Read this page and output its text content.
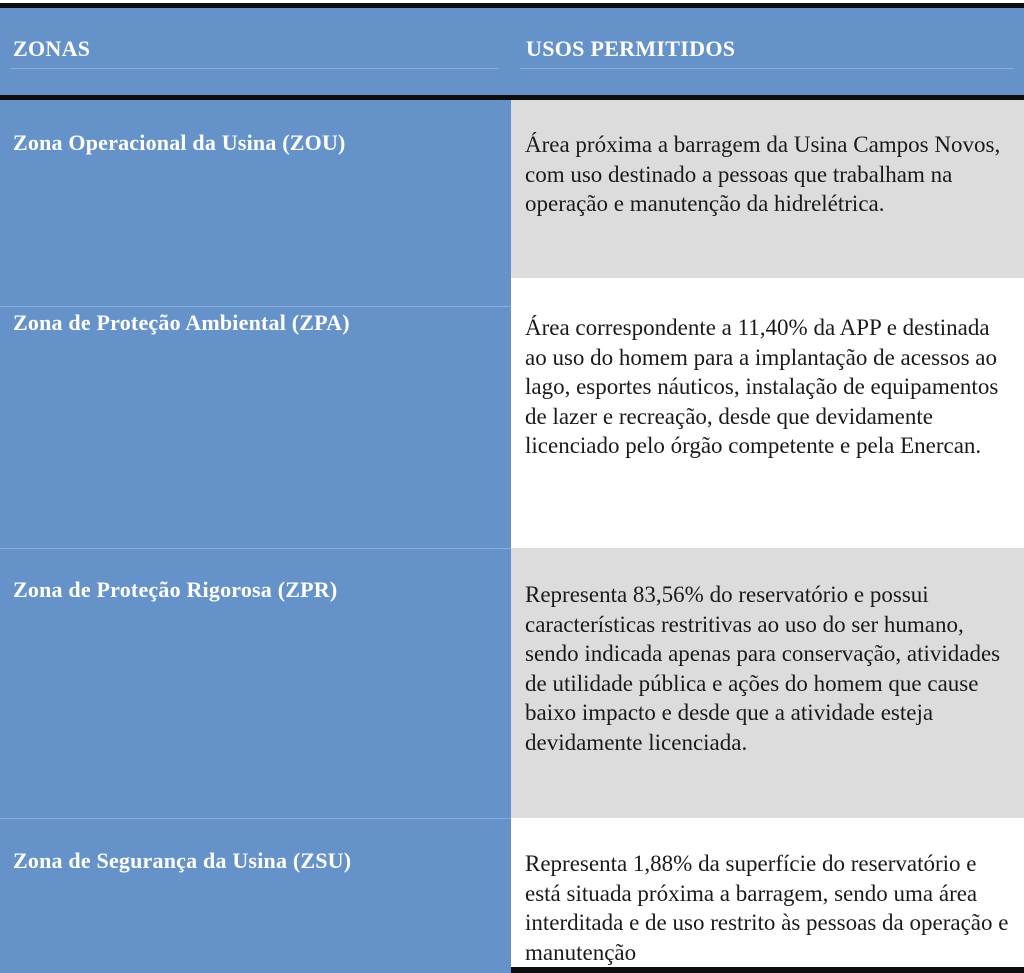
ZONAS	USOS PERMITIDOS
Área próxima a barragem da Usina Campos Novos, com uso destinado a pessoas que trabalham na operação e manutenção da hidrelétrica.
Zona Operacional da Usina (ZOU)
Área correspondente a 11,40% da APP e destinada ao uso do homem para a implantação de acessos ao lago, esportes náuticos, instalação de equipamentos de lazer e recreação, desde que devidamente licenciado pelo órgão competente e pela Enercan.
Zona de Proteção Ambiental (ZPA)
Representa 83,56% do reservatório e possui características restritivas ao uso do ser humano, sendo indicada apenas para conservação, atividades de utilidade pública e ações do homem que cause baixo impacto e desde que a atividade esteja devidamente licenciada.
Zona de Proteção Rigorosa (ZPR)
Representa 1,88% da superfície do reservatório e está situada próxima a barragem, sendo uma área interditada e de uso restrito às pessoas da operação e manutenção
Zona de Segurança da Usina (ZSU)
